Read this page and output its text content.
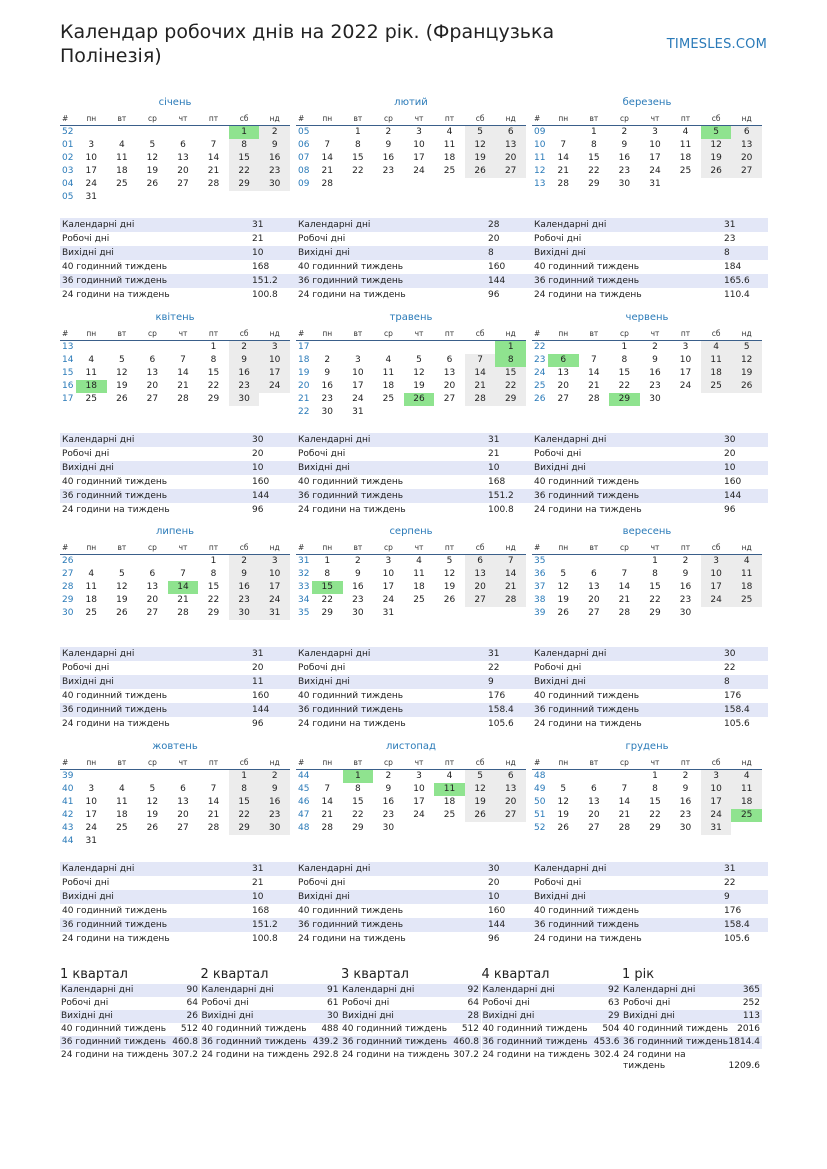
Календар робочих днів на 2022 рік. (Французька Полінезія)
TIMESLES.COM
січень
#	пн	вт	ср	чт	пт	сб	нд
52						1	2
01	3	4	5	6	7	8	9
02	10	11	12	13	14	15	16
03	17	18	19	20	21	22	23
04	24	25	26	27	28	29	30
05	31						
Календарні дні	31
Робочі дні	21
Вихідні дні	10
40 годинний тиждень	168
36 годинний тиждень	151.2
24 години на тиждень	100.8
лютий
#	пн	вт	ср	чт	пт	сб	нд
05		1	2	3	4	5	6
06	7	8	9	10	11	12	13
07	14	15	16	17	18	19	20
08	21	22	23	24	25	26	27
09	28						
Календарні дні	28
Робочі дні	20
Вихідні дні	8
40 годинний тиждень	160
36 годинний тиждень	144
24 години на тиждень	96
березень
#	пн	вт	ср	чт	пт	сб	нд
09		1	2	3	4	5	6
10	7	8	9	10	11	12	13
11	14	15	16	17	18	19	20
12	21	22	23	24	25	26	27
13	28	29	30	31			
Календарні дні	31
Робочі дні	23
Вихідні дні	8
40 годинний тиждень	184
36 годинний тиждень	165.6
24 години на тиждень	110.4
квітень
#	пн	вт	ср	чт	пт	сб	нд
13					1	2	3
14	4	5	6	7	8	9	10
15	11	12	13	14	15	16	17
16	18	19	20	21	22	23	24
17	25	26	27	28	29	30	
Календарні дні	30
Робочі дні	20
Вихідні дні	10
40 годинний тиждень	160
36 годинний тиждень	144
24 години на тиждень	96
травень
#	пн	вт	ср	чт	пт	сб	нд
17							1
18	2	3	4	5	6	7	8
19	9	10	11	12	13	14	15
20	16	17	18	19	20	21	22
21	23	24	25	26	27	28	29
22	30	31					
Календарні дні	31
Робочі дні	21
Вихідні дні	10
40 годинний тиждень	168
36 годинний тиждень	151.2
24 години на тиждень	100.8
червень
#	пн	вт	ср	чт	пт	сб	нд
22			1	2	3	4	5
23	6	7	8	9	10	11	12
24	13	14	15	16	17	18	19
25	20	21	22	23	24	25	26
26	27	28	29	30			
Календарні дні	30
Робочі дні	20
Вихідні дні	10
40 годинний тиждень	160
36 годинний тиждень	144
24 години на тиждень	96
липень
#	пн	вт	ср	чт	пт	сб	нд
26					1	2	3
27	4	5	6	7	8	9	10
28	11	12	13	14	15	16	17
29	18	19	20	21	22	23	24
30	25	26	27	28	29	30	31
Календарні дні	31
Робочі дні	20
Вихідні дні	11
40 годинний тиждень	160
36 годинний тиждень	144
24 години на тиждень	96
серпень
#	пн	вт	ср	чт	пт	сб	нд
31	1	2	3	4	5	6	7
32	8	9	10	11	12	13	14
33	15	16	17	18	19	20	21
34	22	23	24	25	26	27	28
35	29	30	31				
Календарні дні	31
Робочі дні	22
Вихідні дні	9
40 годинний тиждень	176
36 годинний тиждень	158.4
24 години на тиждень	105.6
вересень
#	пн	вт	ср	чт	пт	сб	нд
35				1	2	3	4
36	5	6	7	8	9	10	11
37	12	13	14	15	16	17	18
38	19	20	21	22	23	24	25
39	26	27	28	29	30		
Календарні дні	30
Робочі дні	22
Вихідні дні	8
40 годинний тиждень	176
36 годинний тиждень	158.4
24 години на тиждень	105.6
жовтень
#	пн	вт	ср	чт	пт	сб	нд
39						1	2
40	3	4	5	6	7	8	9
41	10	11	12	13	14	15	16
42	17	18	19	20	21	22	23
43	24	25	26	27	28	29	30
44	31						
Календарні дні	31
Робочі дні	21
Вихідні дні	10
40 годинний тиждень	168
36 годинний тиждень	151.2
24 години на тиждень	100.8
листопад
#	пн	вт	ср	чт	пт	сб	нд
44		1	2	3	4	5	6
45	7	8	9	10	11	12	13
46	14	15	16	17	18	19	20
47	21	22	23	24	25	26	27
48	28	29	30				
Календарні дні	30
Робочі дні	20
Вихідні дні	10
40 годинний тиждень	160
36 годинний тиждень	144
24 години на тиждень	96
грудень
#	пн	вт	ср	чт	пт	сб	нд
48				1	2	3	4
49	5	6	7	8	9	10	11
50	12	13	14	15	16	17	18
51	19	20	21	22	23	24	25
52	26	27	28	29	30	31	
Календарні дні	31
Робочі дні	22
Вихідні дні	9
40 годинний тиждень	176
36 годинний тиждень	158.4
24 години на тиждень	105.6
1 квартал
Календарні дні	90
Робочі дні	64
Вихідні дні	26
40 годинний тиждень	512
36 годинний тиждень	460.8
24 години на тиждень	307.2
2 квартал
Календарні дні	91
Робочі дні	61
Вихідні дні	30
40 годинний тиждень	488
36 годинний тиждень	439.2
24 години на тиждень	292.8
3 квартал
Календарні дні	92
Робочі дні	64
Вихідні дні	28
40 годинний тиждень	512
36 годинний тиждень	460.8
24 години на тиждень	307.2
4 квартал
Календарні дні	92
Робочі дні	63
Вихідні дні	29
40 годинний тиждень	504
36 годинний тиждень	453.6
24 години на тиждень	302.4
1 рік
Календарні дні	365
Робочі дні	252
Вихідні дні	113
40 годинний тиждень	2016
36 годинний тиждень	1814.4
24 години на тиждень	1209.6
